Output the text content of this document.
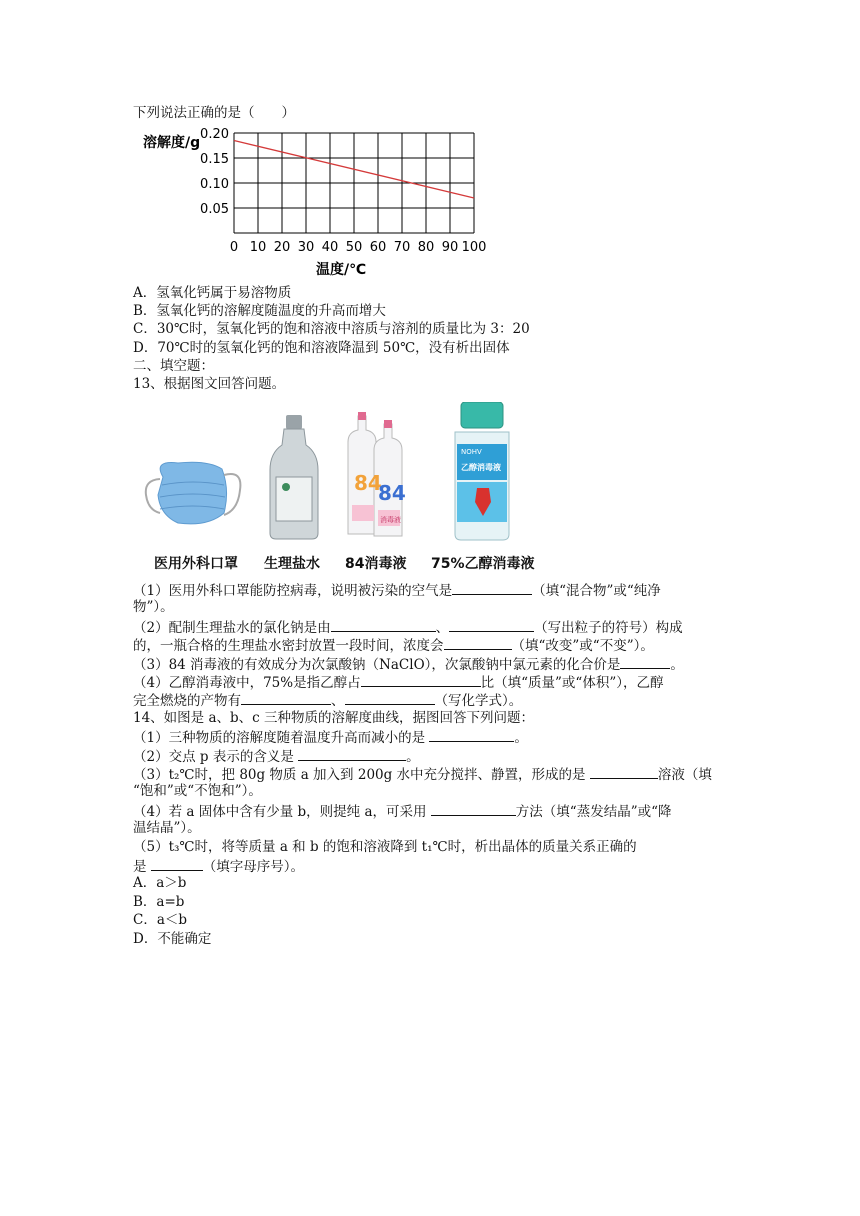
下列说法正确的是（　　）
0.20
0.15
0.10
0.05
0 10 20 30 40 50 60 70 80 90 100
溶解度/g
温度/℃
A．氢氧化钙属于易溶物质
B．氢氧化钙的溶解度随温度的升高而增大
C．30℃时，氢氧化钙的饱和溶液中溶质与溶剂的质量比为 3：20
D．70℃时的氢氧化钙的饱和溶液降温到 50℃，没有析出固体
二、填空题：
13、根据图文回答问题。
医用外科口罩 生理盐水
84
84
消毒液
84消毒液
NOHV
乙醇消毒液
75%乙醇消毒液
（1）医用外科口罩能防控病毒，说明被污染的空气是	（填“混合物”或“纯净
物”）。
（2）配制生理盐水的氯化钠是由	、	（写出粒子的符号）构成
的，一瓶合格的生理盐水密封放置一段时间，浓度会	（填“改变”或“不变”）。
（3）84 消毒液的有效成分为次氯酸钠（NaClO），次氯酸钠中氯元素的化合价是	。
（4）乙醇消毒液中，75%是指乙醇占	比（填“质量”或“体积”），乙醇
完全燃烧的产物有	、	（写化学式）。
14、如图是 a、b、c 三种物质的溶解度曲线，据图回答下列问题：
（1）三种物质的溶解度随着温度升高而减小的是	。
（2）交点 p 表示的含义是	。
（3）t₂℃时，把 80g 物质 a 加入到 200g 水中充分搅拌、静置，形成的是	溶液（填
“饱和”或“不饱和”）。
（4）若 a 固体中含有少量 b，则提纯 a，可采用	方法（填“蒸发结晶”或“降
温结晶”）。
（5）t₃℃时，将等质量 a 和 b 的饱和溶液降到 t₁℃时，析出晶体的质量关系正确的
是	（填字母序号）。
A．a＞b
B．a=b
C．a＜b
D．不能确定
